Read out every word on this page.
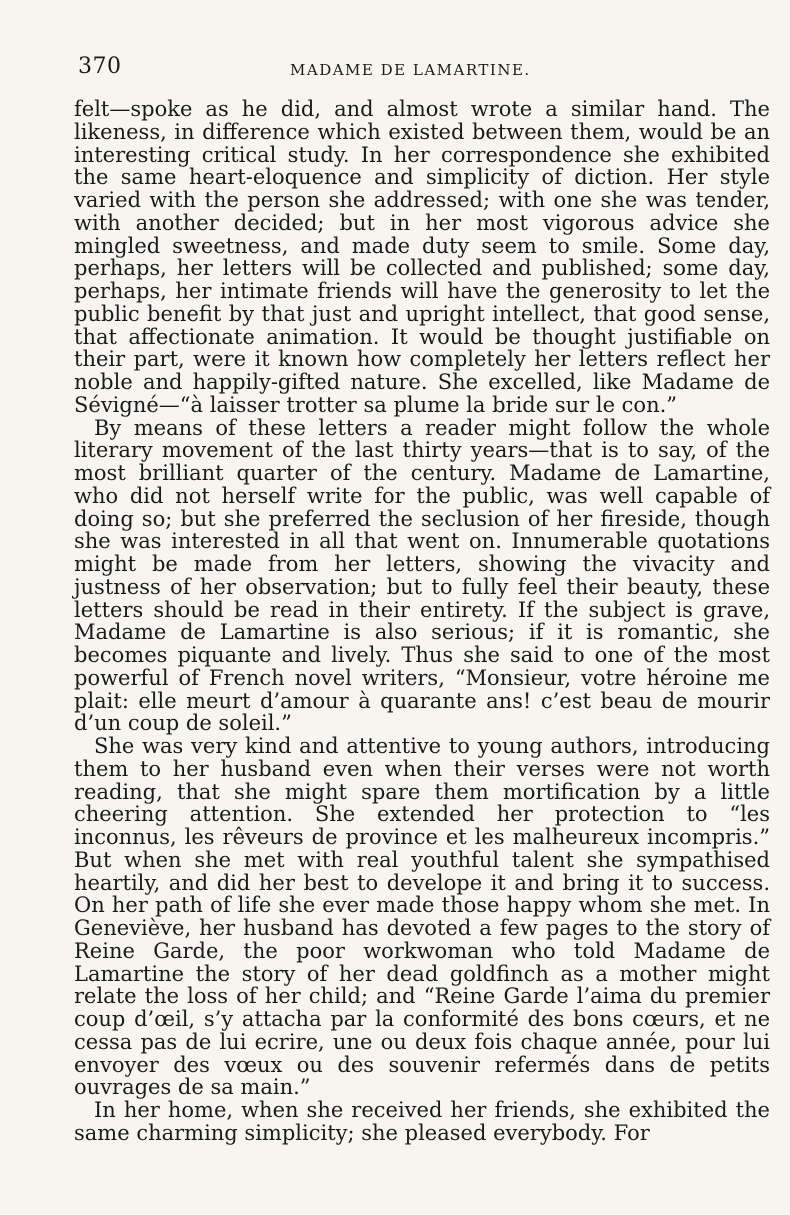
370	MADAME DE LAMARTINE.

felt—spoke as he did, and almost wrote a similar hand. The likeness, in difference which existed between them, would be an interesting critical study. In her correspondence she exhibited the same heart-eloquence and simplicity of diction. Her style varied with the person she addressed; with one she was tender, with another decided; but in her most vigorous advice she mingled sweetness, and made duty seem to smile. Some day, perhaps, her letters will be collected and published; some day, perhaps, her intimate friends will have the generosity to let the public benefit by that just and upright intellect, that good sense, that affectionate animation. It would be thought justifiable on their part, were it known how completely her letters reflect her noble and happily-gifted nature. She excelled, like Madame de Sévigné—“à laisser trotter sa plume la bride sur le con.”

By means of these letters a reader might follow the whole literary movement of the last thirty years—that is to say, of the most brilliant quarter of the century. Madame de Lamartine, who did not herself write for the public, was well capable of doing so; but she preferred the seclusion of her fireside, though she was interested in all that went on. Innumerable quotations might be made from her letters, showing the vivacity and justness of her observation; but to fully feel their beauty, these letters should be read in their entirety. If the subject is grave, Madame de Lamartine is also serious; if it is romantic, she becomes piquante and lively. Thus she said to one of the most powerful of French novel writers, “Monsieur, votre héroine me plait: elle meurt d’amour à quarante ans! c’est beau de mourir d’un coup de soleil.”

She was very kind and attentive to young authors, introducing them to her husband even when their verses were not worth reading, that she might spare them mortification by a little cheering attention. She extended her protection to “les inconnus, les rêveurs de province et les malheureux incompris.” But when she met with real youthful talent she sympathised heartily, and did her best to develope it and bring it to success. On her path of life she ever made those happy whom she met. In Geneviève, her husband has devoted a few pages to the story of Reine Garde, the poor workwoman who told Madame de Lamartine the story of her dead goldfinch as a mother might relate the loss of her child; and “Reine Garde l’aima du premier coup d’œil, s’y attacha par la conformité des bons cœurs, et ne cessa pas de lui ecrire, une ou deux fois chaque année, pour lui envoyer des vœux ou des souvenir refermés dans de petits ouvrages de sa main.”

In her home, when she received her friends, she exhibited the same charming simplicity; she pleased everybody. For
